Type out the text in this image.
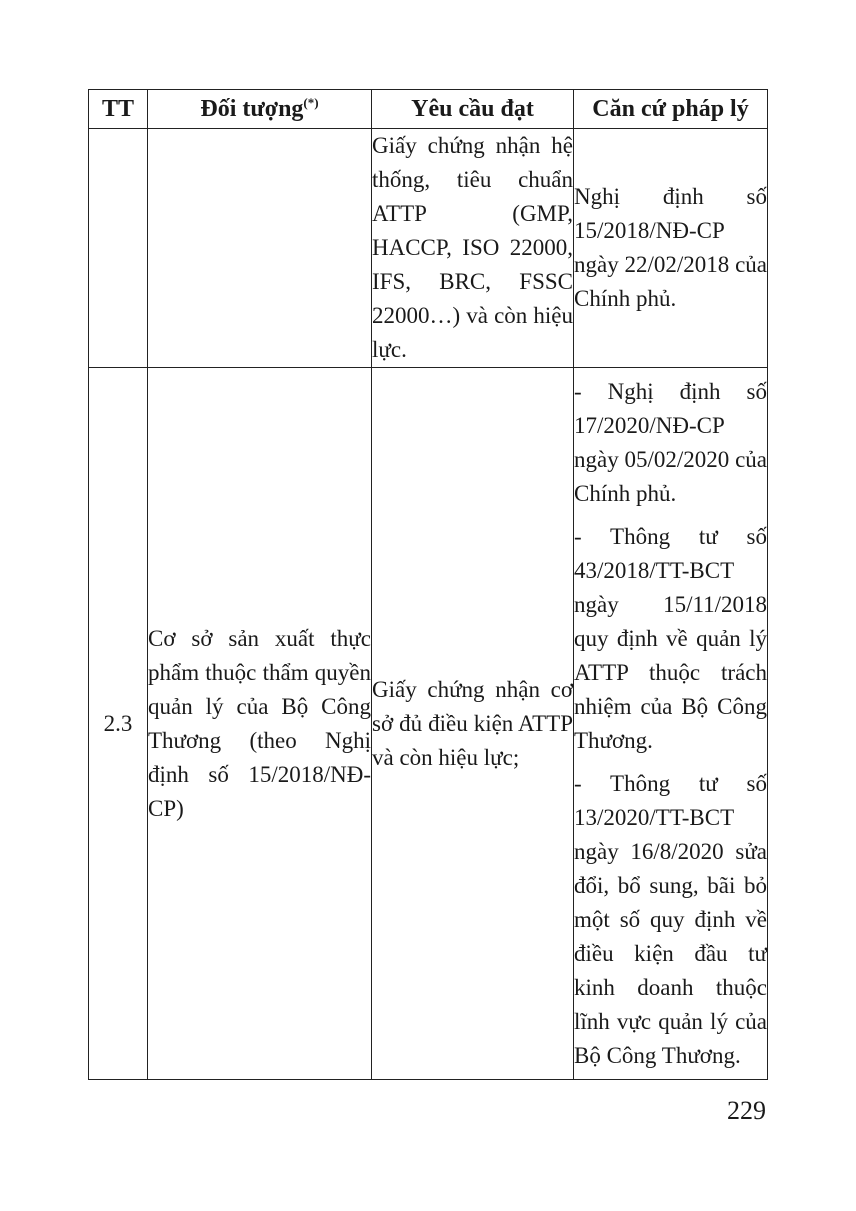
TT	Đối tượng(*)	Yêu cầu đạt	Căn cứ pháp lý
		Giấy chứng nhận hệ thống, tiêu chuẩn ATTP (GMP, HACCP, ISO 22000, IFS, BRC, FSSC 22000…) và còn hiệu lực.	Nghị định số 15/2018/NĐ-CP ngày 22/02/2018 của Chính phủ.
2.3	Cơ sở sản xuất thực phẩm thuộc thẩm quyền quản lý của Bộ Công Thương (theo Nghị định số 15/2018/NĐ-CP)	Giấy chứng nhận cơ sở đủ điều kiện ATTP và còn hiệu lực;	- Nghị định số 17/2020/NĐ-CP ngày 05/02/2020 của Chính phủ.

- Thông tư số 43/2018/TT-BCT ngày 15/11/2018 quy định về quản lý ATTP thuộc trách nhiệm của Bộ Công Thương.

- Thông tư số 13/2020/TT-BCT ngày 16/8/2020 sửa đổi, bổ sung, bãi bỏ một số quy định về điều kiện đầu tư kinh doanh thuộc lĩnh vực quản lý của Bộ Công Thương.

229
